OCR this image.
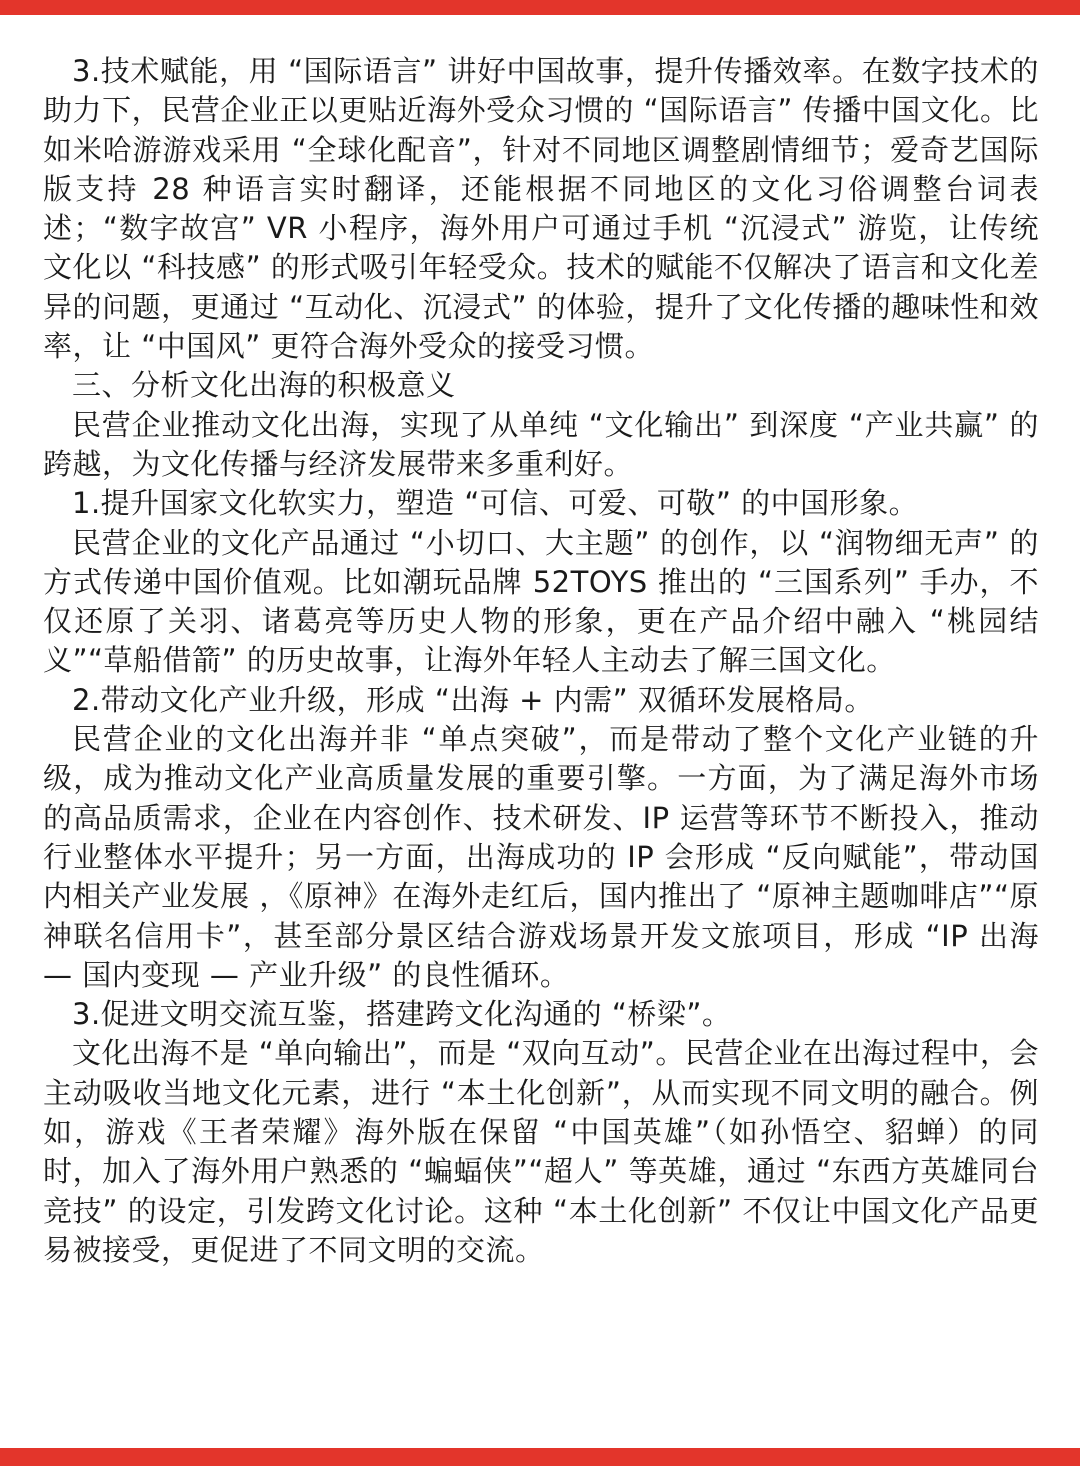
3.技术赋能，用 “国际语言” 讲好中国故事，提升传播效率。在数字技术的助力下，民营企业正以更贴近海外受众习惯的 “国际语言” 传播中国文化。比如米哈游游戏采用 “全球化配音”，针对不同地区调整剧情细节；爱奇艺国际版支持 28 种语言实时翻译，还能根据不同地区的文化习俗调整台词表述；“数字故宫” VR 小程序，海外用户可通过手机 “沉浸式” 游览，让传统文化以 “科技感” 的形式吸引年轻受众。技术的赋能不仅解决了语言和文化差异的问题，更通过 “互动化、沉浸式” 的体验，提升了文化传播的趣味性和效率，让 “中国风” 更符合海外受众的接受习惯。

三、分析文化出海的积极意义

民营企业推动文化出海，实现了从单纯 “文化输出” 到深度 “产业共赢” 的跨越，为文化传播与经济发展带来多重利好。

1.提升国家文化软实力，塑造 “可信、可爱、可敬” 的中国形象。

民营企业的文化产品通过 “小切口、大主题” 的创作，以 “润物细无声” 的方式传递中国价值观。比如潮玩品牌 52TOYS 推出的 “三国系列” 手办，不仅还原了关羽、诸葛亮等历史人物的形象，更在产品介绍中融入 “桃园结义”“草船借箭” 的历史故事，让海外年轻人主动去了解三国文化。

2.带动文化产业升级，形成 “出海 + 内需” 双循环发展格局。

民营企业的文化出海并非 “单点突破”，而是带动了整个文化产业链的升级，成为推动文化产业高质量发展的重要引擎。一方面，为了满足海外市场的高品质需求，企业在内容创作、技术研发、IP 运营等环节不断投入，推动行业整体水平提升；另一方面，出海成功的 IP 会形成 “反向赋能”，带动国内相关产业发展 ，《原神》在海外走红后，国内推出了 “原神主题咖啡店”“原神联名信用卡”，甚至部分景区结合游戏场景开发文旅项目，形成 “IP 出海 — 国内变现 — 产业升级” 的良性循环。

3.促进文明交流互鉴，搭建跨文化沟通的 “桥梁”。

文化出海不是 “单向输出”，而是 “双向互动”。民营企业在出海过程中，会主动吸收当地文化元素，进行 “本土化创新”，从而实现不同文明的融合。例如，游戏《王者荣耀》海外版在保留 “中国英雄”（如孙悟空、貂蝉）的同时，加入了海外用户熟悉的 “蝙蝠侠”“超人” 等英雄，通过 “东西方英雄同台竞技” 的设定，引发跨文化讨论。这种 “本土化创新” 不仅让中国文化产品更易被接受，更促进了不同文明的交流。
